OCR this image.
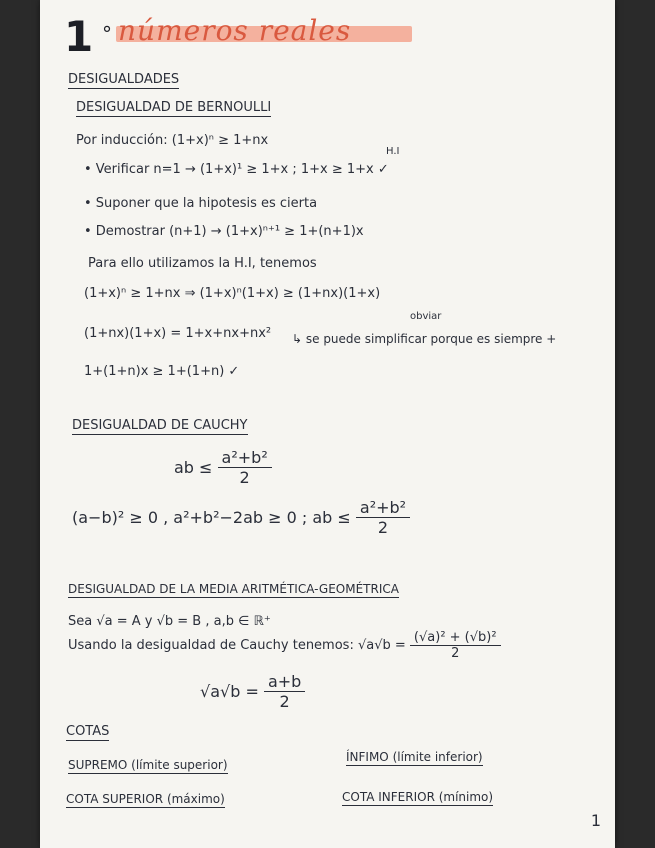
1 ° números reales
DESIGUALDADES
DESIGUALDAD DE BERNOULLI
Por inducción: (1+x)ⁿ ≥ 1+nx
H.I
• Verificar n=1 → (1+x)¹ ≥ 1+x ; 1+x ≥ 1+x ✓
• Suponer que la hipotesis es cierta
• Demostrar (n+1) → (1+x)ⁿ⁺¹ ≥ 1+(n+1)x
Para ello utilizamos la H.I, tenemos
(1+x)ⁿ ≥ 1+nx ⇒ (1+x)ⁿ(1+x) ≥ (1+nx)(1+x)
obviar
(1+nx)(1+x) = 1+x+nx+nx² ↳ se puede simplificar porque es siempre +
1+(1+n)x ≥ 1+(1+n) ✓
DESIGUALDAD DE CAUCHY
ab ≤ $\frac{\text{a²+b²}}{2}$
(a−b)² ≥ 0 , a²+b²−2ab ≥ 0 ; ab ≤ $\frac{\text{a²+b²}}{2}$
DESIGUALDAD DE LA MEDIA ARITMÉTICA-GEOMÉTRICA
Sea √a = A y √b = B , a,b ∈ ℝ⁺
Usando la desigualdad de Cauchy tenemos: $√a√b = \frac{\text{(√a)² + (√b)²}}{2}$
$√a√b = \frac{a+b}{2}$
COTAS
SUPREMO (límite superior)
ÍNFIMO (límite inferior)
COTA SUPERIOR (máximo)	COTA INFERIOR (mínimo)
1
